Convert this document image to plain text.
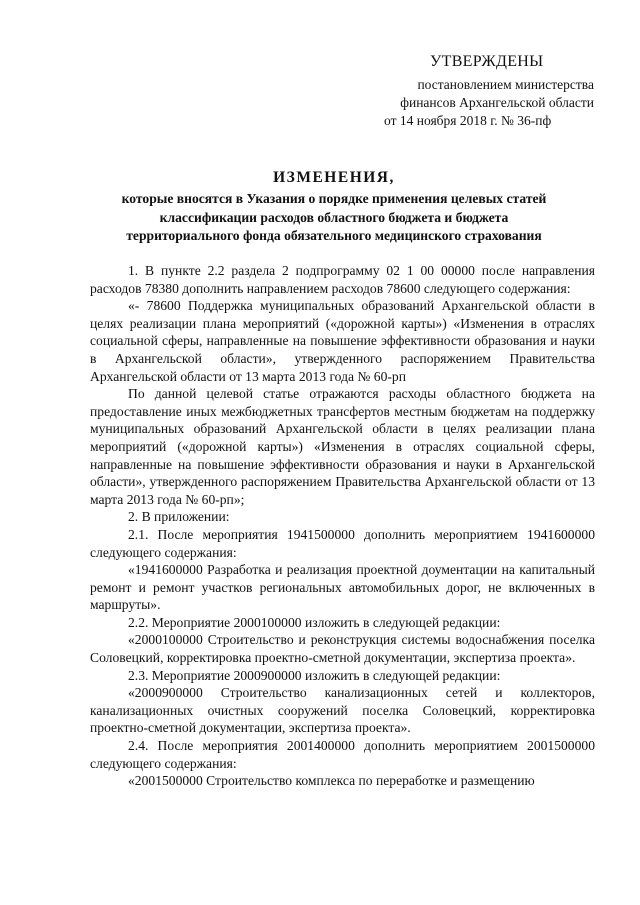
УТВЕРЖДЕНЫ
постановлением министерства
финансов Архангельской области
от 14 ноября 2018 г. № 36-пф
ИЗМЕНЕНИЯ,
которые вносятся в Указания о порядке применения целевых статей
классификации расходов областного бюджета и бюджета
территориального фонда обязательного медицинского страхования

1. В пункте 2.2 раздела 2 подпрограмму 02 1 00 00000 после направления расходов 78380 дополнить направлением расходов 78600 следующего содержания:

«- 78600 Поддержка муниципальных образований Архангельской области в целях реализации плана мероприятий («дорожной карты») «Изменения в отраслях социальной сферы, направленные на повышение эффективности образования и науки в Архангельской области», утвержденного распоряжением Правительства Архангельской области от 13 марта 2013 года № 60-рп

По данной целевой статье отражаются расходы областного бюджета на предоставление иных межбюджетных трансфертов местным бюджетам на поддержку муниципальных образований Архангельской области в целях реализации плана мероприятий («дорожной карты») «Изменения в отраслях социальной сферы, направленные на повышение эффективности образования и науки в Архангельской области», утвержденного распоряжением Правительства Архангельской области от 13 марта 2013 года № 60-рп»;

2. В приложении:

2.1. После мероприятия 1941500000 дополнить мероприятием 1941600000 следующего содержания:

«1941600000 Разработка и реализация проектной доументации на капитальный ремонт и ремонт участков региональных автомобильных дорог, не включенных в маршруты».

2.2. Мероприятие 2000100000 изложить в следующей редакции:

«2000100000 Строительство и реконструкция системы водоснабжения поселка Соловецкий, корректировка проектно-сметной документации, экспертиза проекта».

2.3. Мероприятие 2000900000 изложить в следующей редакции:

«2000900000 Строительство канализационных сетей и коллекторов, канализационных очистных сооружений поселка Соловецкий, корректировка проектно-сметной документации, экспертиза проекта».

2.4. После мероприятия 2001400000 дополнить мероприятием 2001500000 следующего содержания:

«2001500000 Строительство комплекса по переработке и размещению
